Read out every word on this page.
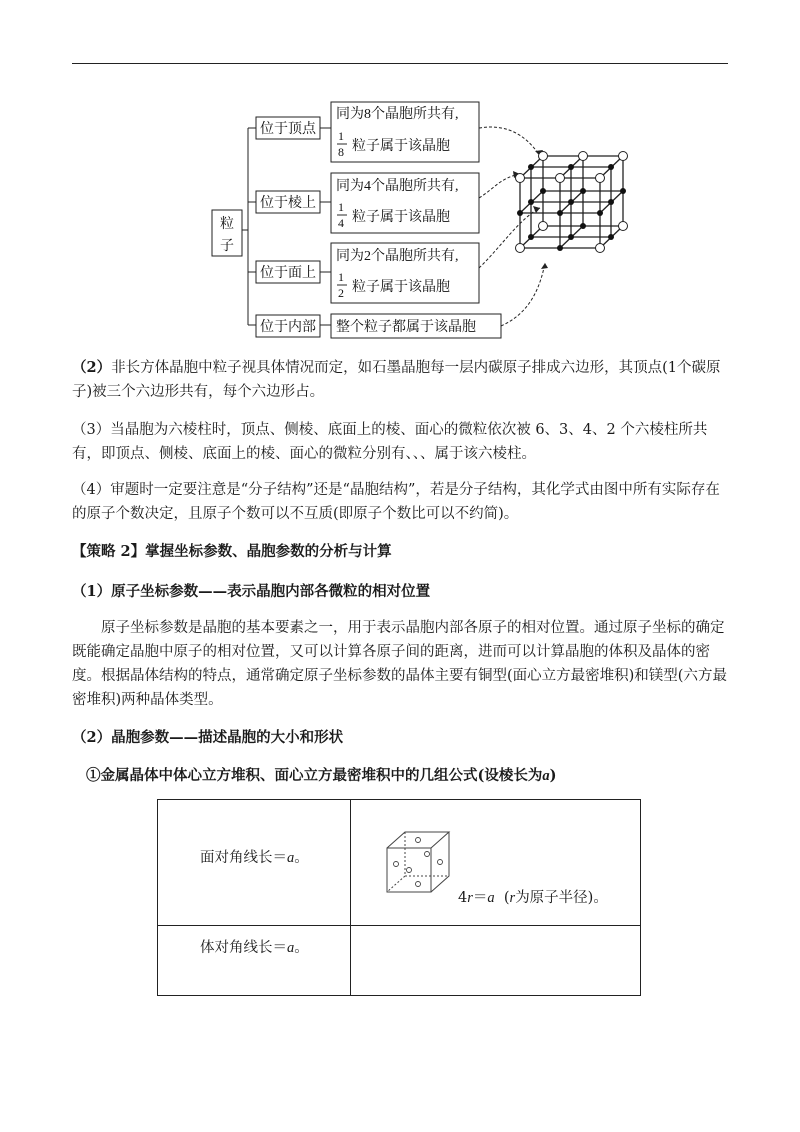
粒
子
位于顶点
位于棱上
位于面上
位于内部
同为8个晶胞所共有,
1
8 粒子属于该晶胞
同为4个晶胞所共有,
1
4 粒子属于该晶胞
同为2个晶胞所共有,
1
2 粒子属于该晶胞
整个粒子都属于该晶胞

（2）非长方体晶胞中粒子视具体情况而定，如石墨晶胞每一层内碳原子排成六边形，其顶点(1个碳原子)被三个六边形共有，每个六边形占。

（3）当晶胞为六棱柱时，顶点、侧棱、底面上的棱、面心的微粒依次被 6、3、4、2 个六棱柱所共有，即顶点、侧棱、底面上的棱、面心的微粒分别有、、、属于该六棱柱。

（4）审题时一定要注意是“分子结构”还是“晶胞结构”，若是分子结构，其化学式由图中所有实际存在的原子个数决定，且原子个数可以不互质(即原子个数比可以不约简)。

【策略 2】掌握坐标参数、晶胞参数的分析与计算

（1）原子坐标参数——表示晶胞内部各微粒的相对位置

原子坐标参数是晶胞的基本要素之一，用于表示晶胞内部各原子的相对位置。通过原子坐标的确定既能确定晶胞中原子的相对位置，又可以计算各原子间的距离，进而可以计算晶胞的体积及晶体的密度。根据晶体结构的特点，通常确定原子坐标参数的晶体主要有铜型(面心立方最密堆积)和镁型(六方最密堆积)两种晶体类型。

（2）晶胞参数——描述晶胞的大小和形状

①金属晶体中体心立方堆积、面心立方最密堆积中的几组公式(设棱长为a)

面对角线长＝a。	4r＝a (r为原子半径)。

体对角线长＝a。	
